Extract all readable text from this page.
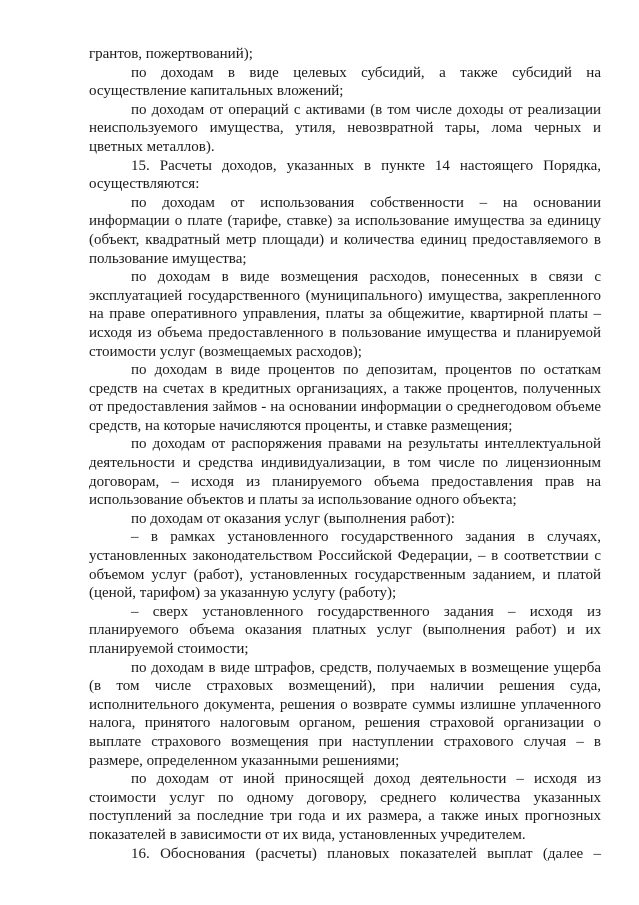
грантов, пожертвований);

по доходам в виде целевых субсидий, а также субсидий на осуществление капитальных вложений;

по доходам от операций с активами (в том числе доходы от реализации неиспользуемого имущества, утиля, невозвратной тары, лома черных и цветных металлов).

15. Расчеты доходов, указанных в пункте 14 настоящего Порядка, осуществляются:

по доходам от использования собственности – на основании информации о плате (тарифе, ставке) за использование имущества за единицу (объект, квадратный метр площади) и количества единиц предоставляемого в пользование имущества;

по доходам в виде возмещения расходов, понесенных в связи с эксплуатацией государственного (муниципального) имущества, закрепленного на праве оперативного управления, платы за общежитие, квартирной платы – исходя из объема предоставленного в пользование имущества и планируемой стоимости услуг (возмещаемых расходов);

по доходам в виде процентов по депозитам, процентов по остаткам средств на счетах в кредитных организациях, а также процентов, полученных от предоставления займов - на основании информации о среднегодовом объеме средств, на которые начисляются проценты, и ставке размещения;

по доходам от распоряжения правами на результаты интеллектуальной деятельности и средства индивидуализации, в том числе по лицензионным договорам, – исходя из планируемого объема предоставления прав на использование объектов и платы за использование одного объекта;

по доходам от оказания услуг (выполнения работ):

– в рамках установленного государственного задания в случаях, установленных законодательством Российской Федерации, – в соответствии с объемом услуг (работ), установленных государственным заданием, и платой (ценой, тарифом) за указанную услугу (работу);

– сверх установленного государственного задания – исходя из планируемого объема оказания платных услуг (выполнения работ) и их планируемой стоимости;

по доходам в виде штрафов, средств, получаемых в возмещение ущерба (в том числе страховых возмещений), при наличии решения суда, исполнительного документа, решения о возврате суммы излишне уплаченного налога, принятого налоговым органом, решения страховой организации о выплате страхового возмещения при наступлении страхового случая – в размере, определенном указанными решениями;

по доходам от иной приносящей доход деятельности – исходя из стоимости услуг по одному договору, среднего количества указанных поступлений за последние три года и их размера, а также иных прогнозных показателей в зависимости от их вида, установленных учредителем.

16. Обоснования (расчеты) плановых показателей выплат (далее –
